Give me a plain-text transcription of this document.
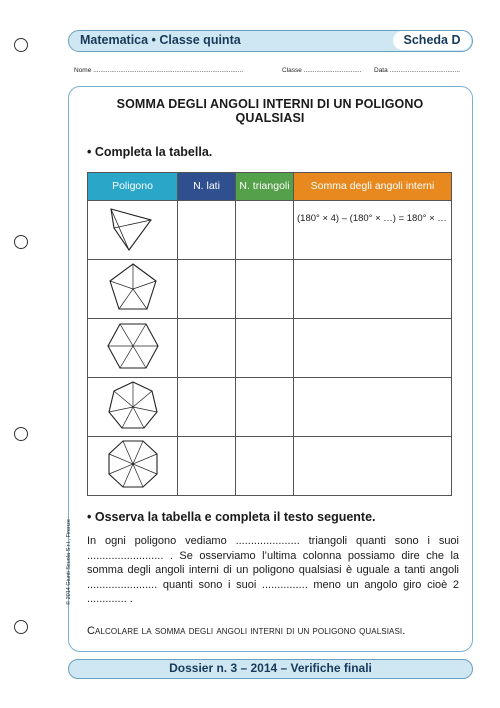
Matematica • Classe quinta	Scheda D
Nome ...................................................................................	Classe ................................ Data .......................................
SOMMA DEGLI ANGOLI INTERNI DI UN POLIGONO QUALSIASI
• Completa la tabella.
Poligono	N. lati	N. triangoli	Somma degli angoli interni
			(180° × 4) – (180° × …) = 180° × …

• Osserva la tabella e completa il testo seguente.
In ogni poligono vediamo ..................... triangoli quanti sono i suoi ......................... . Se osserviamo l’ultima colonna possiamo dire che la somma degli angoli interni di un poligono qualsiasi è uguale a tanti angoli ....................... quanti sono i suoi ............... meno un angolo giro cioè 2 ............. .
Calcolare la somma degli angoli interni di un poligono qualsiasi.
© 2014 Giunti Scuola S.r.l., Firenze
Dossier n. 3 – 2014 – Verifiche finali
